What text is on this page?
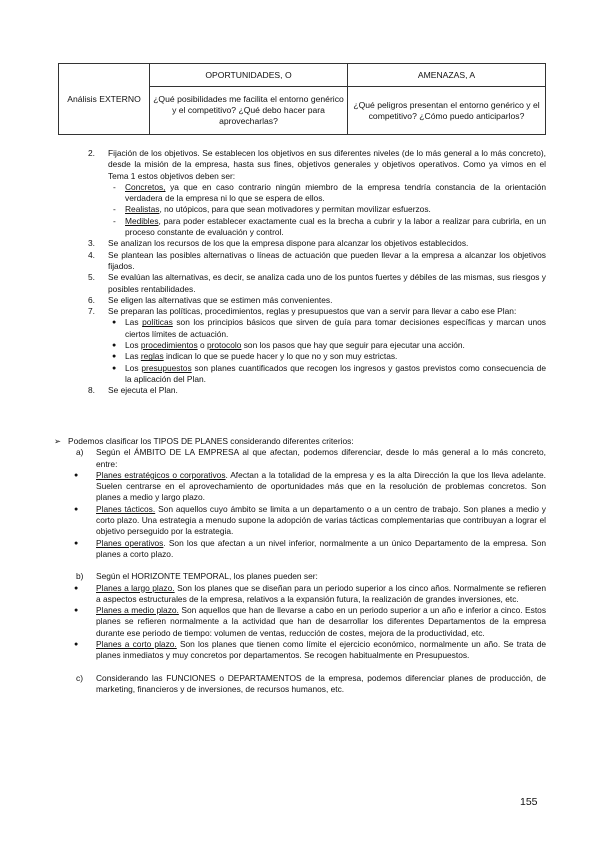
Análisis EXTERNO	OPORTUNIDADES, O	AMENAZAS, A
	¿Qué posibilidades me facilita el entorno genérico y el competitivo? ¿Qué debo hacer para aprovecharlas?	¿Qué peligros presentan el entorno genérico y el competitivo? ¿Cómo puedo anticiparlos?
2. Fijación de los objetivos. Se establecen los objetivos en sus diferentes niveles (de lo más general a lo más concreto), desde la misión de la empresa, hasta sus fines, objetivos generales y objetivos operativos. Como ya vimos en el Tema 1 estos objetivos deben ser:
- Concretos, ya que en caso contrario ningún miembro de la empresa tendría constancia de la orientación verdadera de la empresa ni lo que se espera de ellos.
- Realistas, no utópicos, para que sean motivadores y permitan movilizar esfuerzos.
- Medibles, para poder establecer exactamente cual es la brecha a cubrir y la labor a realizar para cubrirla, en un proceso constante de evaluación y control.
3. Se analizan los recursos de los que la empresa dispone para alcanzar los objetivos establecidos.
4. Se plantean las posibles alternativas o líneas de actuación que pueden llevar a la empresa a alcanzar los objetivos fijados.
5. Se evalúan las alternativas, es decir, se analiza cada uno de los puntos fuertes y débiles de las mismas, sus riesgos y posibles rentabilidades.
6. Se eligen las alternativas que se estimen más convenientes.
7. Se preparan las políticas, procedimientos, reglas y presupuestos que van a servir para llevar a cabo ese Plan:
● Las políticas son los principios básicos que sirven de guía para tomar decisiones específicas y marcan unos ciertos límites de actuación.
● Los procedimientos o protocolo son los pasos que hay que seguir para ejecutar una acción.
● Las reglas indican lo que se puede hacer y lo que no y son muy estrictas.
● Los presupuestos son planes cuantificados que recogen los ingresos y gastos previstos como consecuencia de la aplicación del Plan.
8. Se ejecuta el Plan.
➢ Podemos clasificar los TIPOS DE PLANES considerando diferentes criterios:
a) Según el ÁMBITO DE LA EMPRESA al que afectan, podemos diferenciar, desde lo más general a lo más concreto, entre:
● Planes estratégicos o corporativos. Afectan a la totalidad de la empresa y es la alta Dirección la que los lleva adelante. Suelen centrarse en el aprovechamiento de oportunidades más que en la resolución de problemas concretos. Son planes a medio y largo plazo.
● Planes tácticos. Son aquellos cuyo ámbito se limita a un departamento o a un centro de trabajo. Son planes a medio y corto plazo. Una estrategia a menudo supone la adopción de varias tácticas complementarias que contribuyan a lograr el objetivo perseguido por la estrategia.
● Planes operativos. Son los que afectan a un nivel inferior, normalmente a un único Departamento de la empresa. Son planes a corto plazo.
b) Según el HORIZONTE TEMPORAL, los planes pueden ser:
● Planes a largo plazo. Son los planes que se diseñan para un periodo superior a los cinco años. Normalmente se refieren a aspectos estructurales de la empresa, relativos a la expansión futura, la realización de grandes inversiones, etc.
● Planes a medio plazo. Son aquellos que han de llevarse a cabo en un periodo superior a un año e inferior a cinco. Estos planes se refieren normalmente a la actividad que han de desarrollar los diferentes Departamentos de la empresa durante ese periodo de tiempo: volumen de ventas, reducción de costes, mejora de la productividad, etc.
● Planes a corto plazo. Son los planes que tienen como límite el ejercicio económico, normalmente un año. Se trata de planes inmediatos y muy concretos por departamentos. Se recogen habitualmente en Presupuestos.
c) Considerando las FUNCIONES o DEPARTAMENTOS de la empresa, podemos diferenciar planes de producción, de marketing, financieros y de inversiones, de recursos humanos, etc.
155
